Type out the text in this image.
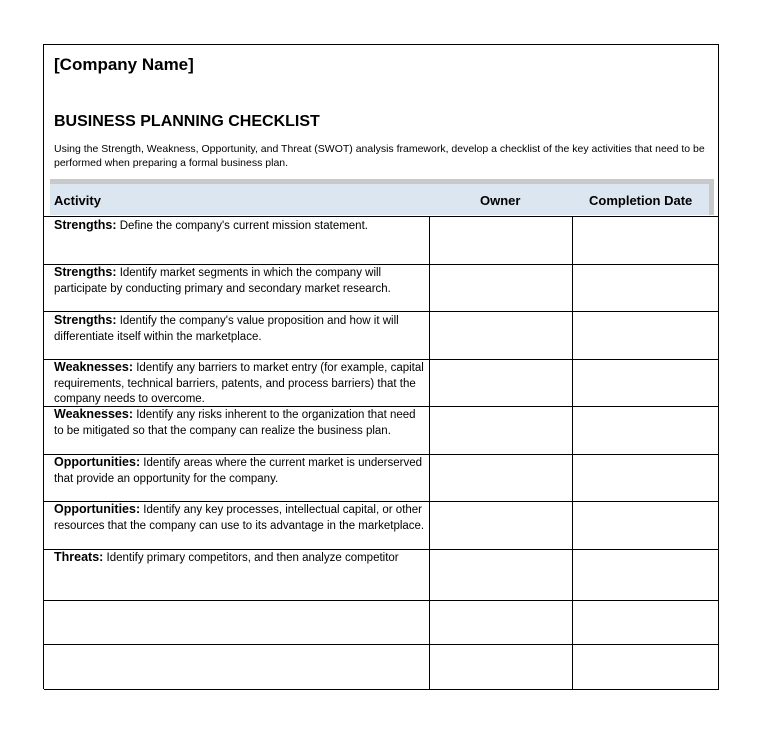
[Company Name]
BUSINESS PLANNING CHECKLIST
Using the Strength, Weakness, Opportunity, and Threat (SWOT) analysis framework, develop a checklist of the key activities that need to be performed when preparing a formal business plan.
Activity	Owner	Completion Date
Strengths: Define the company's current mission statement.
Strengths: Identify market segments in which the company will participate by conducting primary and secondary market research.
Strengths: Identify the company's value proposition and how it will differentiate itself within the marketplace.
Weaknesses: Identify any barriers to market entry (for example, capital requirements, technical barriers, patents, and process barriers) that the company needs to overcome.
Weaknesses: Identify any risks inherent to the organization that need to be mitigated so that the company can realize the business plan.
Opportunities: Identify areas where the current market is underserved that provide an opportunity for the company.
Opportunities: Identify any key processes, intellectual capital, or other resources that the company can use to its advantage in the marketplace.
Threats: Identify primary competitors, and then analyze competitor
